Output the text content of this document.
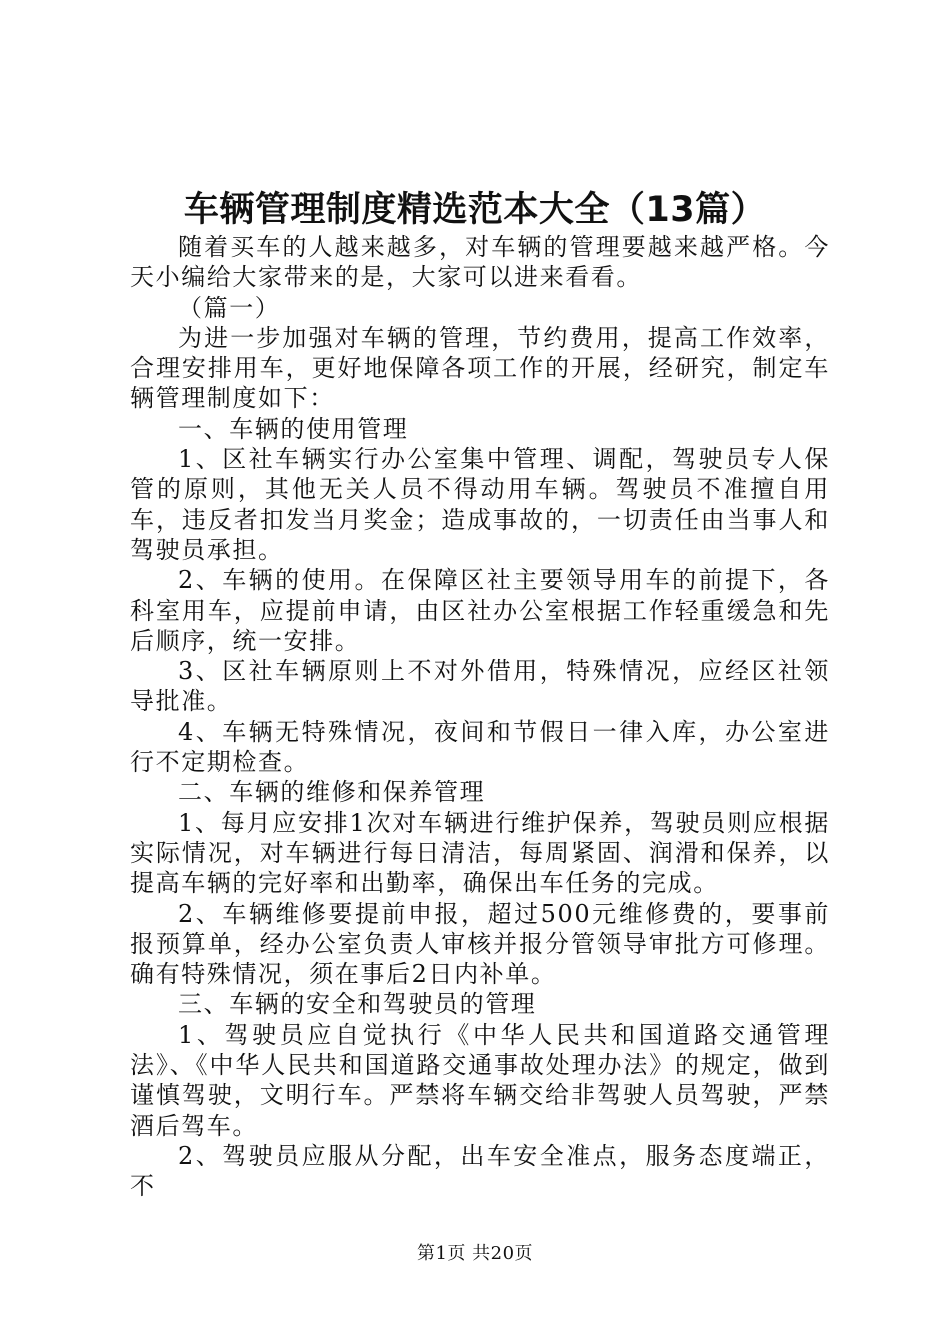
车辆管理制度精选范本大全（13篇）

随着买车的人越来越多，对车辆的管理要越来越严格。今天小编给大家带来的是，大家可以进来看看。

（篇一）

为进一步加强对车辆的管理，节约费用，提高工作效率，合理安排用车，更好地保障各项工作的开展，经研究，制定车辆管理制度如下：

一、车辆的使用管理

1、区社车辆实行办公室集中管理、调配，驾驶员专人保管的原则，其他无关人员不得动用车辆。驾驶员不准擅自用车，违反者扣发当月奖金；造成事故的，一切责任由当事人和驾驶员承担。

2、车辆的使用。在保障区社主要领导用车的前提下，各科室用车，应提前申请，由区社办公室根据工作轻重缓急和先后顺序，统一安排。

3、区社车辆原则上不对外借用，特殊情况，应经区社领导批准。

4、车辆无特殊情况，夜间和节假日一律入库，办公室进行不定期检查。

二、车辆的维修和保养管理

1、每月应安排1次对车辆进行维护保养，驾驶员则应根据实际情况，对车辆进行每日清洁，每周紧固、润滑和保养，以提高车辆的完好率和出勤率，确保出车任务的完成。

2、车辆维修要提前申报，超过500元维修费的，要事前报预算单，经办公室负责人审核并报分管领导审批方可修理。确有特殊情况，须在事后2日内补单。

三、车辆的安全和驾驶员的管理

1、驾驶员应自觉执行《中华人民共和国道路交通管理法》、《中华人民共和国道路交通事故处理办法》的规定，做到谨慎驾驶，文明行车。严禁将车辆交给非驾驶人员驾驶，严禁酒后驾车。

2、驾驶员应服从分配，出车安全准点，服务态度端正，不

第1页 共20页
